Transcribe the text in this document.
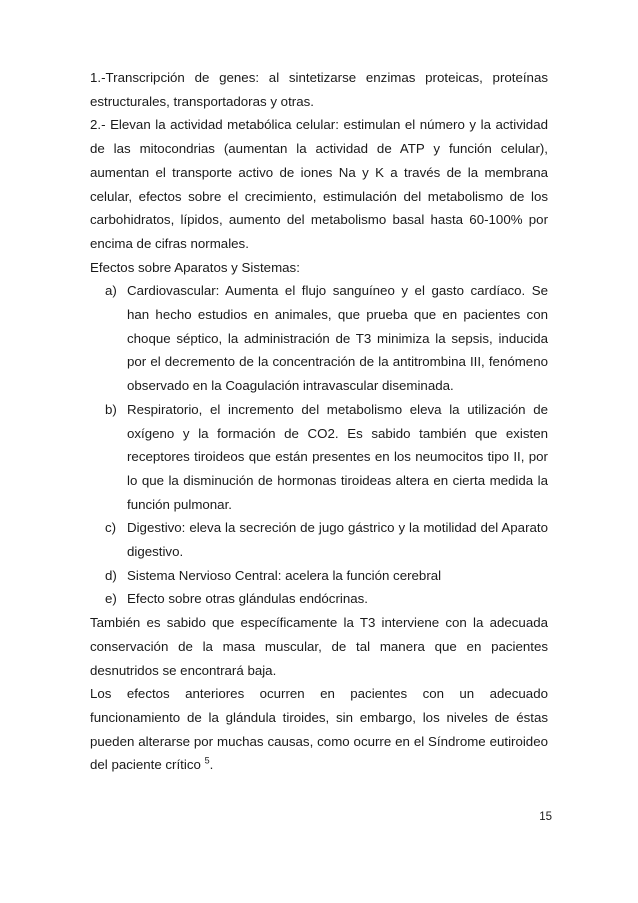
1.-Transcripción de genes: al sintetizarse enzimas proteicas, proteínas estructurales, transportadoras y otras.

2.- Elevan la actividad metabólica celular: estimulan el número y la actividad de las mitocondrias (aumentan la actividad de ATP y función celular), aumentan el transporte activo de iones Na y K a través de la membrana celular, efectos sobre el crecimiento, estimulación del metabolismo de los carbohidratos, lípidos, aumento del metabolismo basal hasta 60-100% por encima de cifras normales.

Efectos sobre Aparatos y Sistemas:

a) Cardiovascular: Aumenta el flujo sanguíneo y el gasto cardíaco. Se han hecho estudios en animales, que prueba que en pacientes con choque séptico, la administración de T3 minimiza la sepsis, inducida por el decremento de la concentración de la antitrombina III, fenómeno observado en la Coagulación intravascular diseminada.
b) Respiratorio, el incremento del metabolismo eleva la utilización de oxígeno y la formación de CO2. Es sabido también que existen receptores tiroideos que están presentes en los neumocitos tipo II, por lo que la disminución de hormonas tiroideas altera en cierta medida la función pulmonar.
c) Digestivo: eleva la secreción de jugo gástrico y la motilidad del Aparato digestivo.
d) Sistema Nervioso Central: acelera la función cerebral
e) Efecto sobre otras glándulas endócrinas.

También es sabido que específicamente la T3 interviene con la adecuada conservación de la masa muscular, de tal manera que en pacientes desnutridos se encontrará baja.

Los efectos anteriores ocurren en pacientes con un adecuado funcionamiento de la glándula tiroides, sin embargo, los niveles de éstas pueden alterarse por muchas causas, como ocurre en el Síndrome eutiroideo del paciente crítico $^5$.

15
